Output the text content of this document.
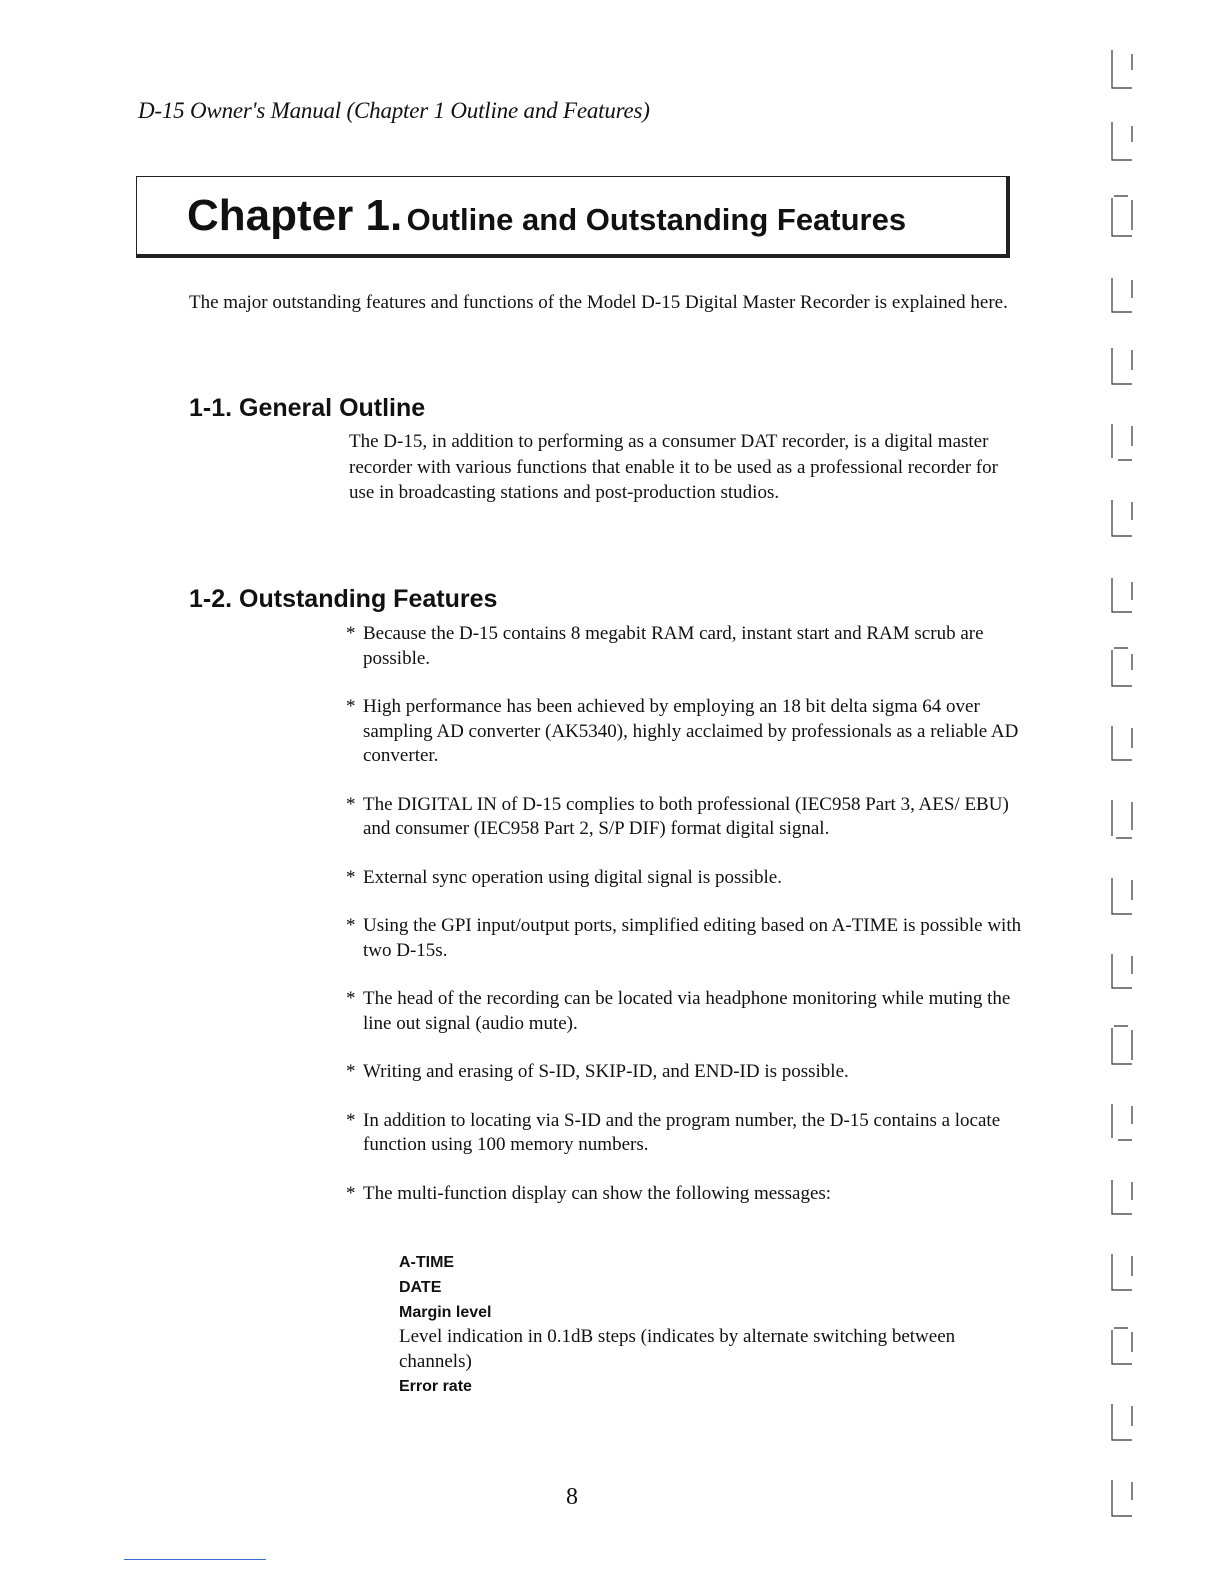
D-15 Owner's Manual (Chapter 1 Outline and Features)
Chapter 1. Outline and Outstanding Features
The major outstanding features and functions of the Model D-15 Digital Master Recorder is explained here.
1-1. General Outline
The D-15, in addition to performing as a consumer DAT recorder, is a digital master recorder with various functions that enable it to be used as a professional recorder for use in broadcasting stations and post-production studios.
1-2. Outstanding Features
* Because the D-15 contains 8 megabit RAM card, instant start and RAM scrub are possible.
* High performance has been achieved by employing an 18 bit delta sigma 64 over sampling AD converter (AK5340), highly acclaimed by professionals as a reliable AD converter.
* The DIGITAL IN of D-15 complies to both professional (IEC958 Part 3, AES/ EBU) and consumer (IEC958 Part 2, S/P DIF) format digital signal.
* External sync operation using digital signal is possible.
* Using the GPI input/output ports, simplified editing based on A-TIME is possible with two D-15s.
* The head of the recording can be located via headphone monitoring while muting the line out signal (audio mute).
* Writing and erasing of S-ID, SKIP-ID, and END-ID is possible.
* In addition to locating via S-ID and the program number, the D-15 contains a locate function using 100 memory numbers.
* The multi-function display can show the following messages:
A-TIME
DATE
Margin level
Level indication in 0.1dB steps (indicates by alternate switching between channels)
Error rate
8
